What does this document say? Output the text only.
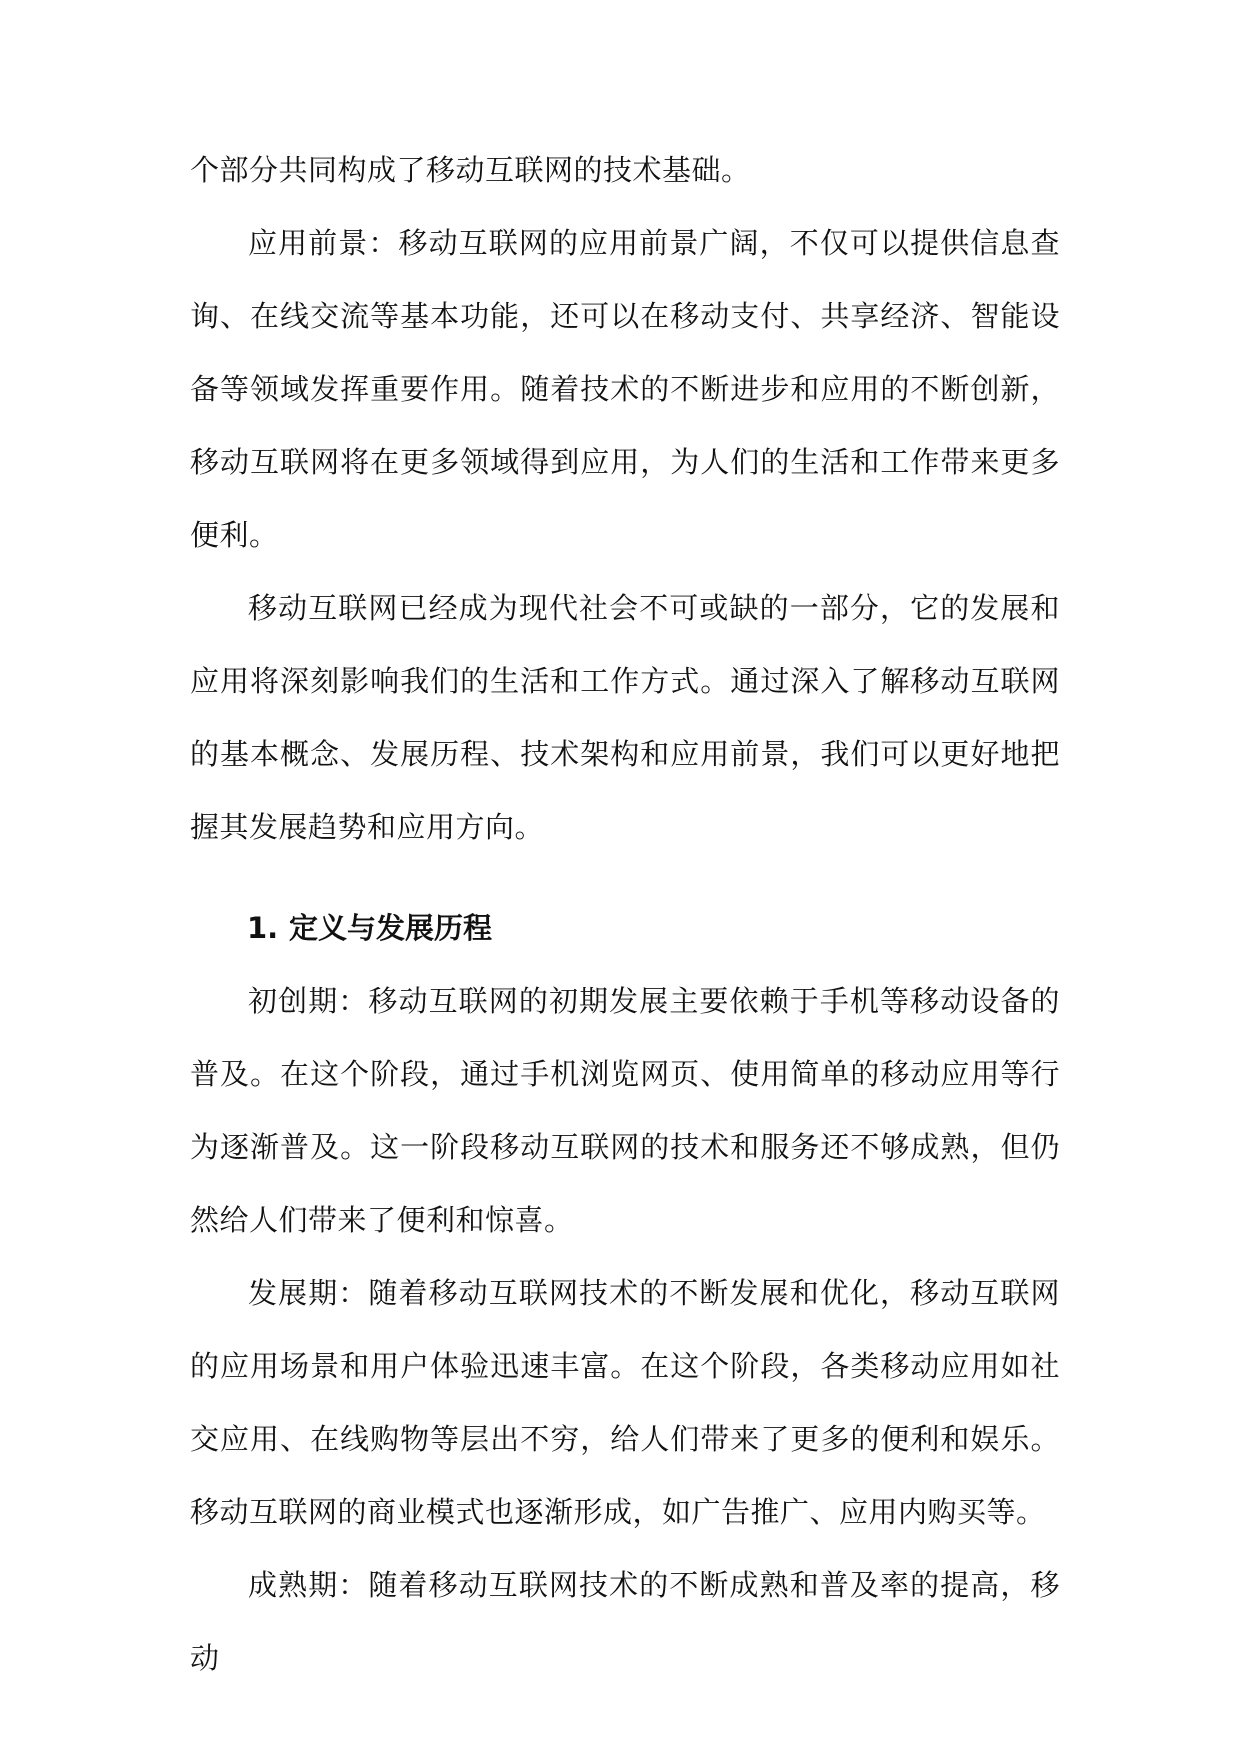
个部分共同构成了移动互联网的技术基础。

应用前景：移动互联网的应用前景广阔，不仅可以提供信息查询、在线交流等基本功能，还可以在移动支付、共享经济、智能设备等领域发挥重要作用。随着技术的不断进步和应用的不断创新，移动互联网将在更多领域得到应用，为人们的生活和工作带来更多便利。

移动互联网已经成为现代社会不可或缺的一部分，它的发展和应用将深刻影响我们的生活和工作方式。通过深入了解移动互联网的基本概念、发展历程、技术架构和应用前景，我们可以更好地把握其发展趋势和应用方向。

1. 定义与发展历程

初创期：移动互联网的初期发展主要依赖于手机等移动设备的普及。在这个阶段，通过手机浏览网页、使用简单的移动应用等行为逐渐普及。这一阶段移动互联网的技术和服务还不够成熟，但仍然给人们带来了便利和惊喜。

发展期：随着移动互联网技术的不断发展和优化，移动互联网的应用场景和用户体验迅速丰富。在这个阶段，各类移动应用如社交应用、在线购物等层出不穷，给人们带来了更多的便利和娱乐。移动互联网的商业模式也逐渐形成，如广告推广、应用内购买等。

成熟期：随着移动互联网技术的不断成熟和普及率的提高，移动
